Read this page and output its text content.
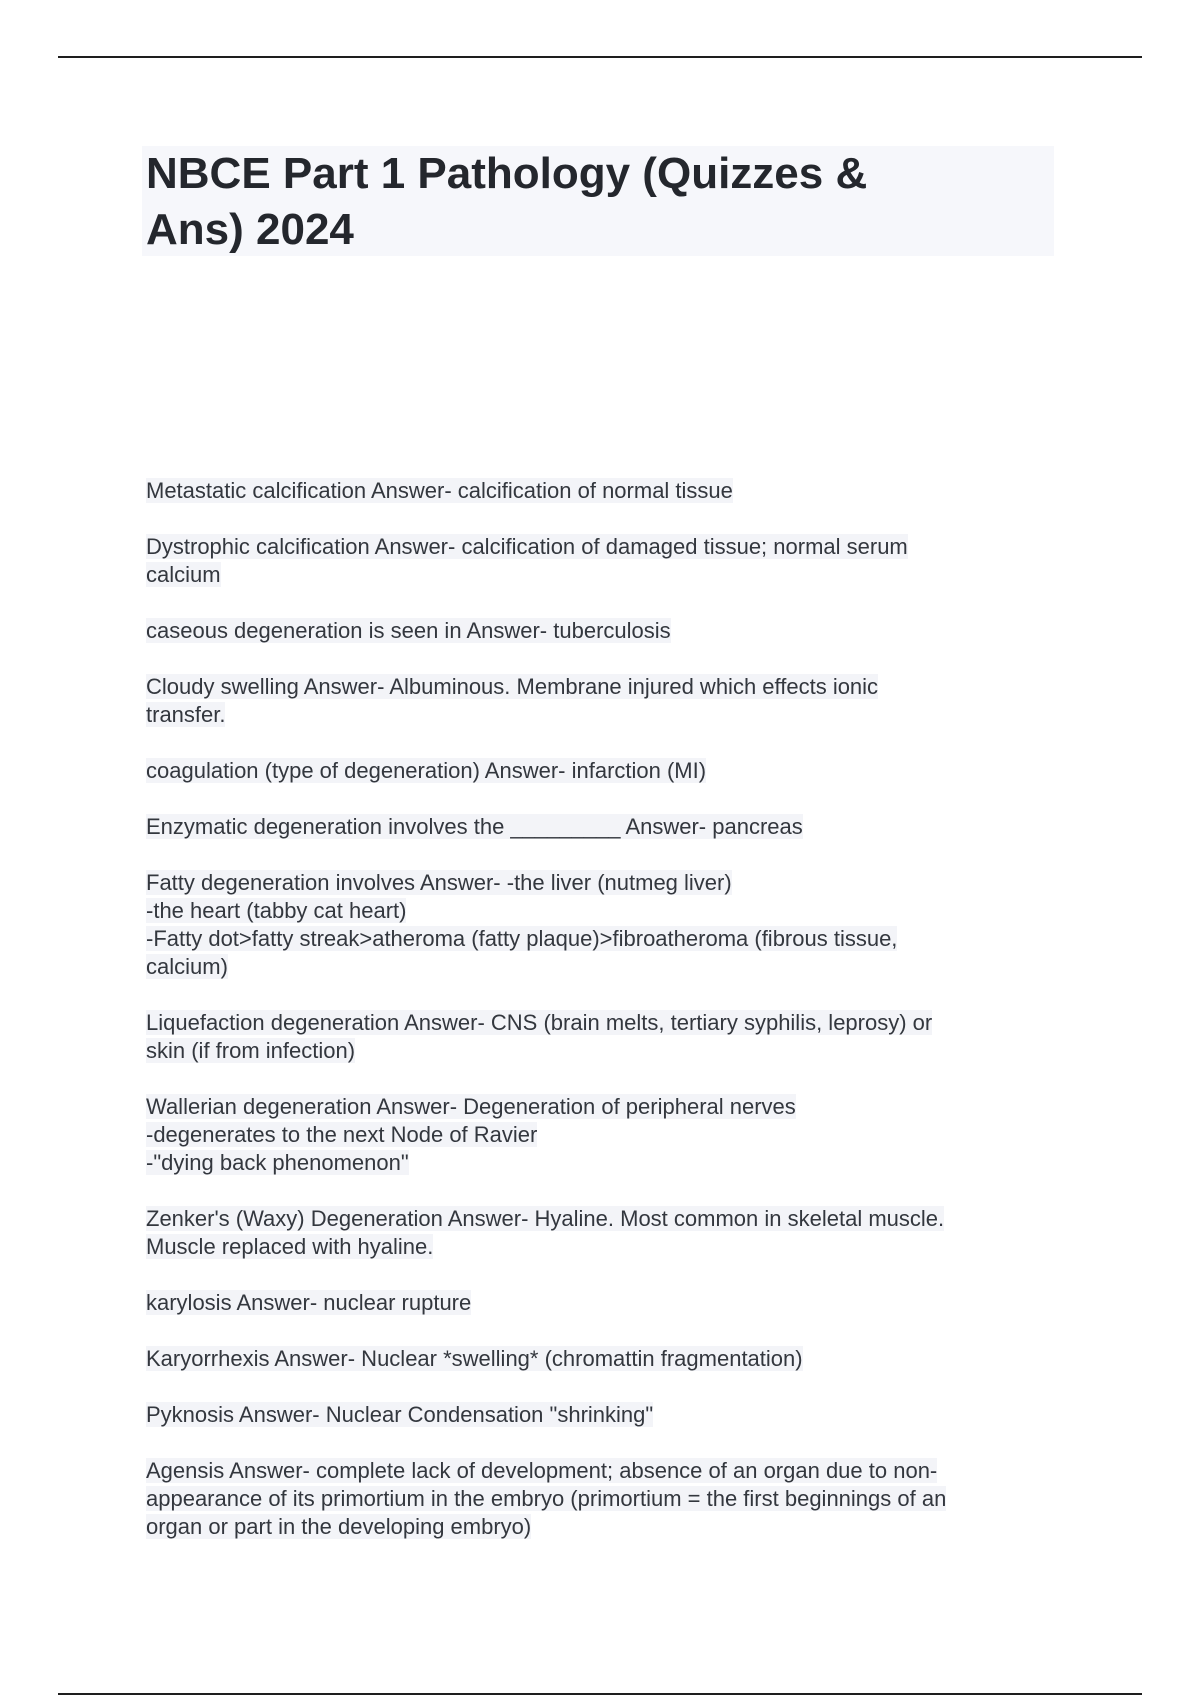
NBCE Part 1 Pathology (Quizzes &
Ans) 2024

Metastatic calcification Answer- calcification of normal tissue

Dystrophic calcification Answer- calcification of damaged tissue; normal serum
calcium

caseous degeneration is seen in Answer- tuberculosis

Cloudy swelling Answer- Albuminous. Membrane injured which effects ionic
transfer.

coagulation (type of degeneration) Answer- infarction (MI)

Enzymatic degeneration involves the _________ Answer- pancreas

Fatty degeneration involves Answer- -the liver (nutmeg liver)
-the heart (tabby cat heart)
-Fatty dot>fatty streak>atheroma (fatty plaque)>fibroatheroma (fibrous tissue,
calcium)

Liquefaction degeneration Answer- CNS (brain melts, tertiary syphilis, leprosy) or
skin (if from infection)

Wallerian degeneration Answer- Degeneration of peripheral nerves
-degenerates to the next Node of Ravier
-"dying back phenomenon"

Zenker's (Waxy) Degeneration Answer- Hyaline. Most common in skeletal muscle.
Muscle replaced with hyaline.

karylosis Answer- nuclear rupture

Karyorrhexis Answer- Nuclear *swelling* (chromattin fragmentation)

Pyknosis Answer- Nuclear Condensation "shrinking"

Agensis Answer- complete lack of development; absence of an organ due to non-
appearance of its primortium in the embryo (primortium = the first beginnings of an
organ or part in the developing embryo)
